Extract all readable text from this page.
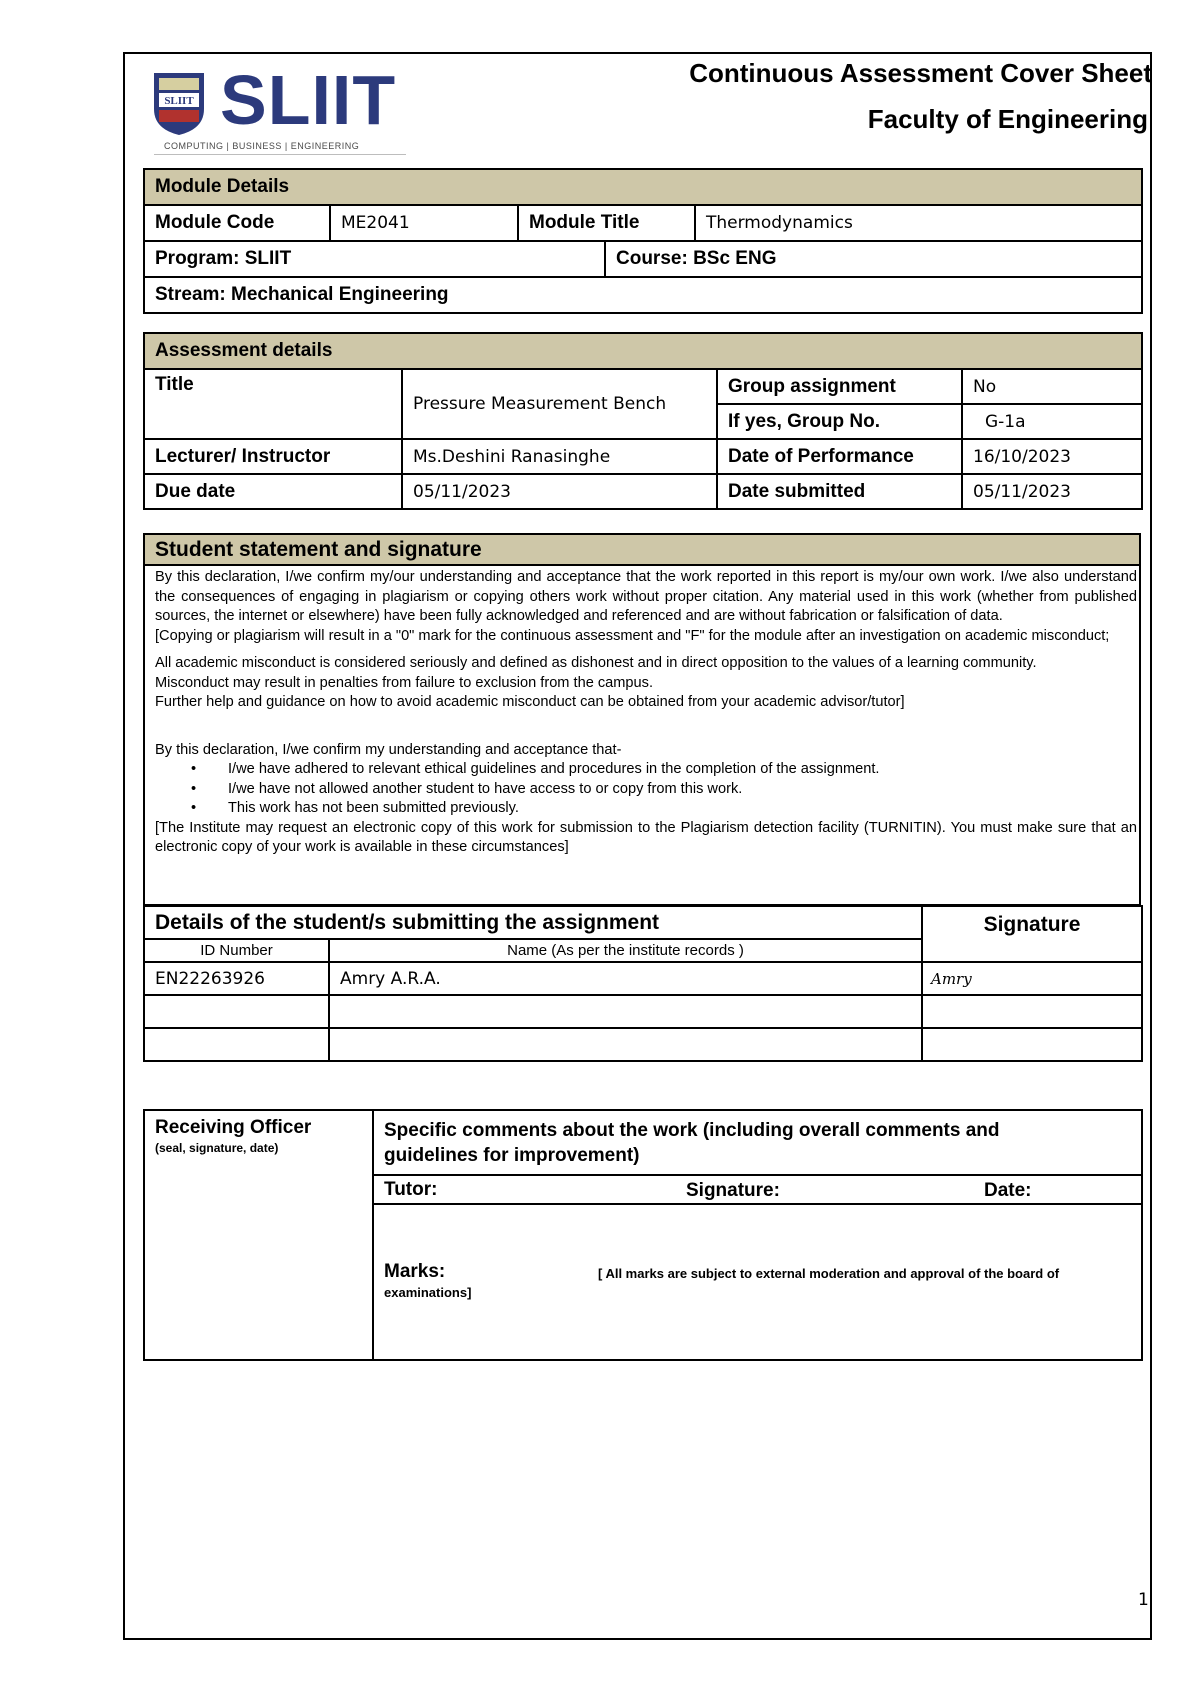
SLIIT SLIIT
COMPUTING | BUSINESS | ENGINEERING
Continuous Assessment Cover Sheet
Faculty of Engineering
Module Details				
Module Code	ME2041	Module Title		Thermodynamics
Program: SLIIT			Course: BSc ENG	
Stream: Mechanical Engineering				
Assessment details			
Title	Pressure Measurement Bench	Group assignment	No
		If yes, Group No.	G-1a
Lecturer/ Instructor	Ms.Deshini Ranasinghe	Date of Performance	16/10/2023
Due date	05/11/2023	Date submitted	05/11/2023
Student statement and signature

By this declaration, I/we confirm my/our understanding and acceptance that the work reported in this report is my/our own work. I/we also understand the consequences of engaging in plagiarism or copying others work without proper citation. Any material used in this work (whether from published sources, the internet or elsewhere) have been fully acknowledged and referenced and are without fabrication or falsification of data.

[Copying or plagiarism will result in a "0" mark for the continuous assessment and "F" for the module after an investigation on academic misconduct;

All academic misconduct is considered seriously and defined as dishonest and in direct opposition to the values of a learning community.

Misconduct may result in penalties from failure to exclusion from the campus.

Further help and guidance on how to avoid academic misconduct can be obtained from your academic advisor/tutor]

By this declaration, I/we confirm my understanding and acceptance that-

• I/we have adhered to relevant ethical guidelines and procedures in the completion of the assignment.
• I/we have not allowed another student to have access to or copy from this work.
• This work has not been submitted previously.

[The Institute may request an electronic copy of this work for submission to the Plagiarism detection facility (TURNITIN). You must make sure that an electronic copy of your work is available in these circumstances]

Details of the student/s submitting the assignment		Signature
ID Number	Name (As per the institute records )	
EN22263926	Amry A.R.A.	Amry

Receiving Officer
(seal, signature, date)
	Specific comments about the work (including overall comments and guidelines for improvement)
Tutor:	Signature:	Date:

Marks:	[ All marks are subject to external moderation and approval of the board of
examinations]
1
